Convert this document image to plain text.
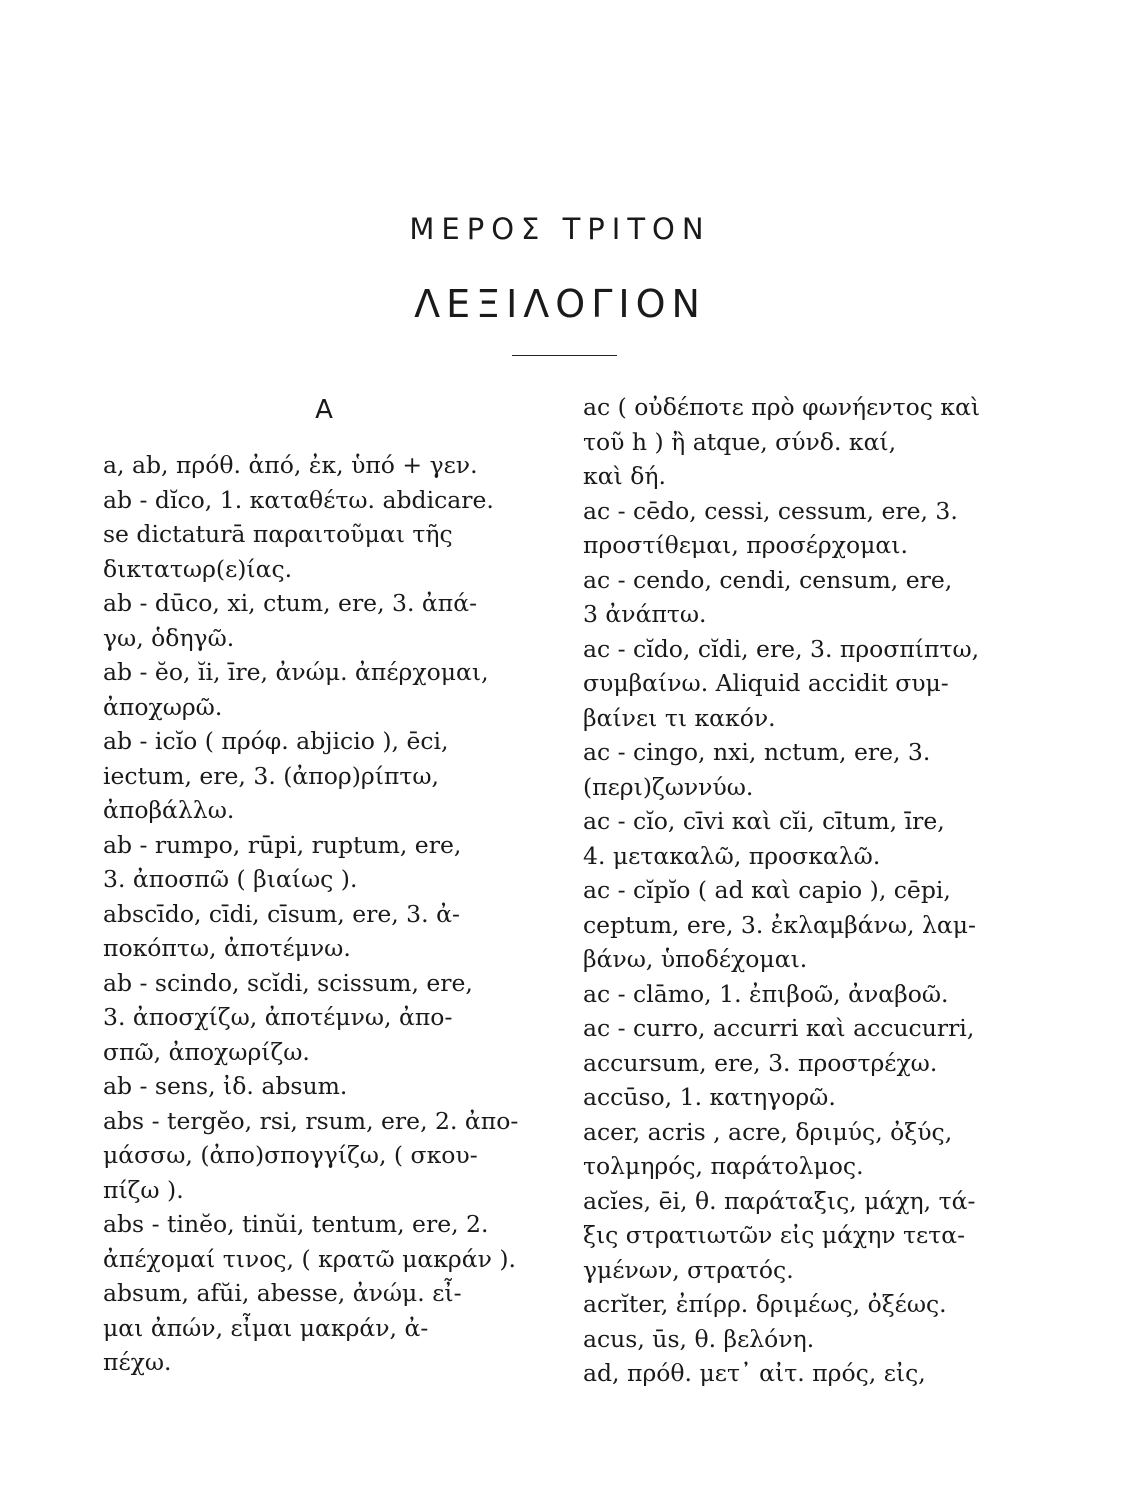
ΜΕΡΟΣ ΤΡΙΤΟΝ
ΛΕΞΙΛΟΓΙΟΝ
A
a, ab, πρόθ. ἀπό, ἐκ, ὑπό + γεν.
ab - dĭco, 1. καταθέτω. abdicare.
se dictaturā παραιτοῦμαι τῆς
δικτατωρ(ε)ίας.
ab - dūco, xi, ctum, ere, 3. ἀπά-
γω, ὁδηγῶ.
ab - ĕo, ĭi, īre, ἀνώμ. ἀπέρχομαι,
ἀποχωρῶ.
ab - icĭo ( πρόφ. abjicio ), ēci,
iectum, ere, 3. (ἀπορ)ρίπτω,
ἀποβάλλω.
ab - rumpo, rūpi, ruptum, ere,
3. ἀποσπῶ ( βιαίως ).
abscīdo, cīdi, cīsum, ere, 3. ἀ-
ποκόπτω, ἀποτέμνω.
ab - scindo, scĭdi, scissum, ere,
3. ἀποσχίζω, ἀποτέμνω, ἀπο-
σπῶ, ἀποχωρίζω.
ab - sens, ἰδ. absum.
abs - tergĕo, rsi, rsum, ere, 2. ἀπο-
μάσσω, (ἀπο)σπογγίζω, ( σκου-
πίζω ).
abs - tinĕo, tinŭi, tentum, ere, 2.
ἀπέχομαί τινος, ( κρατῶ μακράν ).
absum, afŭi, abesse, ἀνώμ. εἶ-
μαι ἀπών, εἶμαι μακράν, ἀ-
πέχω.
ac ( οὐδέποτε πρὸ φωνήεντος καὶ
τοῦ h ) ἢ atque, σύνδ. καί,
καὶ δή.
ac - cēdo, cessi, cessum, ere, 3.
προστίθεμαι, προσέρχομαι.
ac - cendo, cendi, censum, ere,
3 ἀνάπτω.
ac - cĭdo, cĭdi, ere, 3. προσπίπτω,
συμβαίνω. Aliquid accidit συμ-
βαίνει τι κακόν.
ac - cingo, nxi, nctum, ere, 3.
(περι)ζωννύω.
ac - cĭo, cīvi καὶ cĭi, cītum, īre,
4. μετακαλῶ, προσκαλῶ.
ac - cĭpĭo ( ad καὶ capio ), cēpi,
ceptum, ere, 3. ἐκλαμβάνω, λαμ-
βάνω, ὑποδέχομαι.
ac - clāmo, 1. ἐπιβοῶ, ἀναβοῶ.
ac - curro, accurri καὶ accucurri,
accursum, ere, 3. προστρέχω.
accūso, 1. κατηγορῶ.
acer, acris , acre, δριμύς, ὀξύς,
τολμηρός, παράτολμος.
acĭes, ēi, θ. παράταξις, μάχη, τά-
ξις στρατιωτῶν εἰς μάχην τετα-
γμένων, στρατός.
acrĭter, ἐπίρρ. δριμέως, ὀξέως.
acus, ūs, θ. βελόνη.
ad, πρόθ. μετ᾽ αἰτ. πρός, εἰς,
